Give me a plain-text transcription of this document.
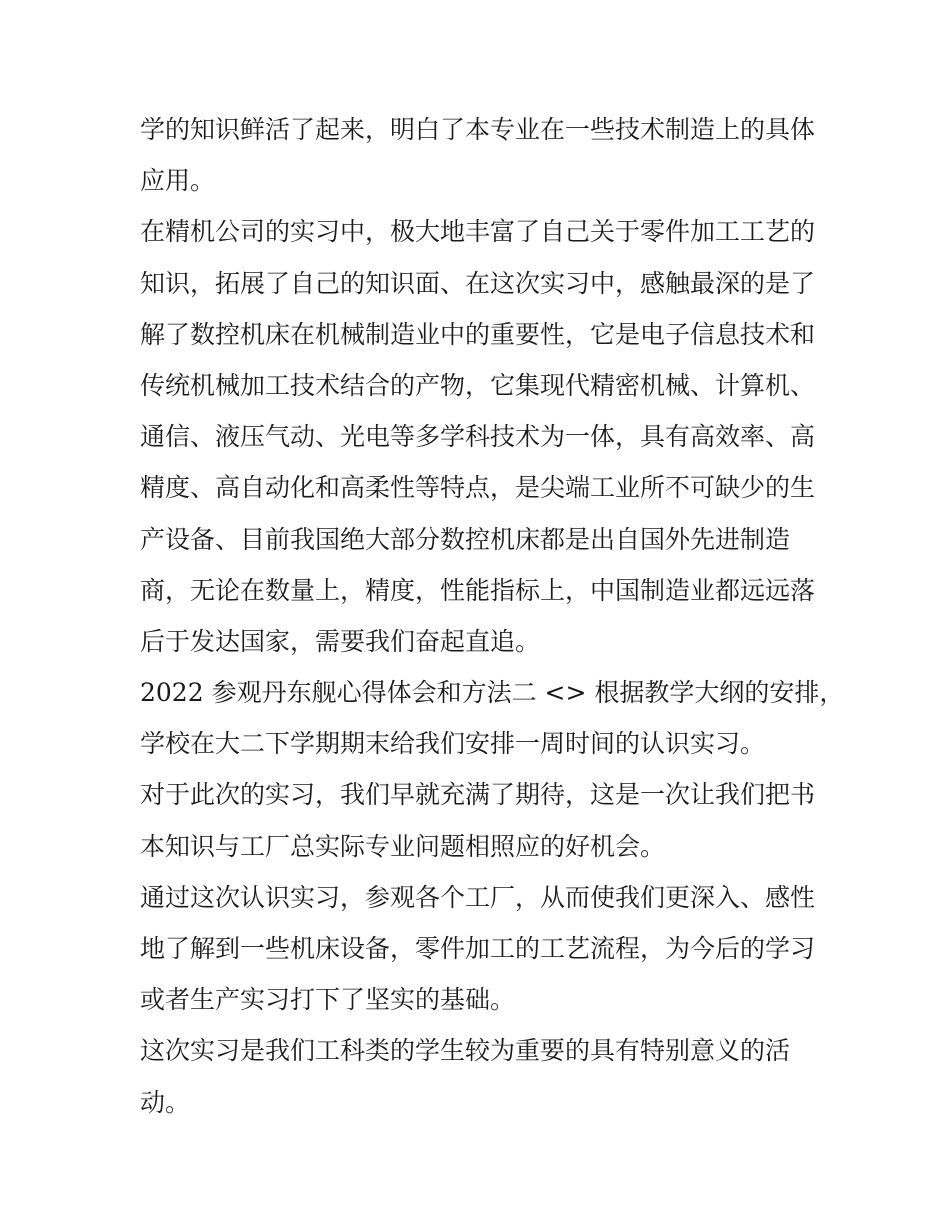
学的知识鲜活了起来，明白了本专业在一些技术制造上的具体
应用。

在精机公司的实习中，极大地丰富了自己关于零件加工工艺的
知识，拓展了自己的知识面、在这次实习中，感触最深的是了
解了数控机床在机械制造业中的重要性，它是电子信息技术和
传统机械加工技术结合的产物，它集现代精密机械、计算机、
通信、液压气动、光电等多学科技术为一体，具有高效率、高
精度、高自动化和高柔性等特点，是尖端工业所不可缺少的生
产设备、目前我国绝大部分数控机床都是出自国外先进制造
商，无论在数量上，精度，性能指标上，中国制造业都远远落
后于发达国家，需要我们奋起直追。

2022 参观丹东舰心得体会和方法二 <> 根据教学大纲的安排，
学校在大二下学期期末给我们安排一周时间的认识实习。

对于此次的实习，我们早就充满了期待，这是一次让我们把书
本知识与工厂总实际专业问题相照应的好机会。

通过这次认识实习，参观各个工厂，从而使我们更深入、感性
地了解到一些机床设备，零件加工的工艺流程，为今后的学习
或者生产实习打下了坚实的基础。

这次实习是我们工科类的学生较为重要的具有特别意义的活
动。
